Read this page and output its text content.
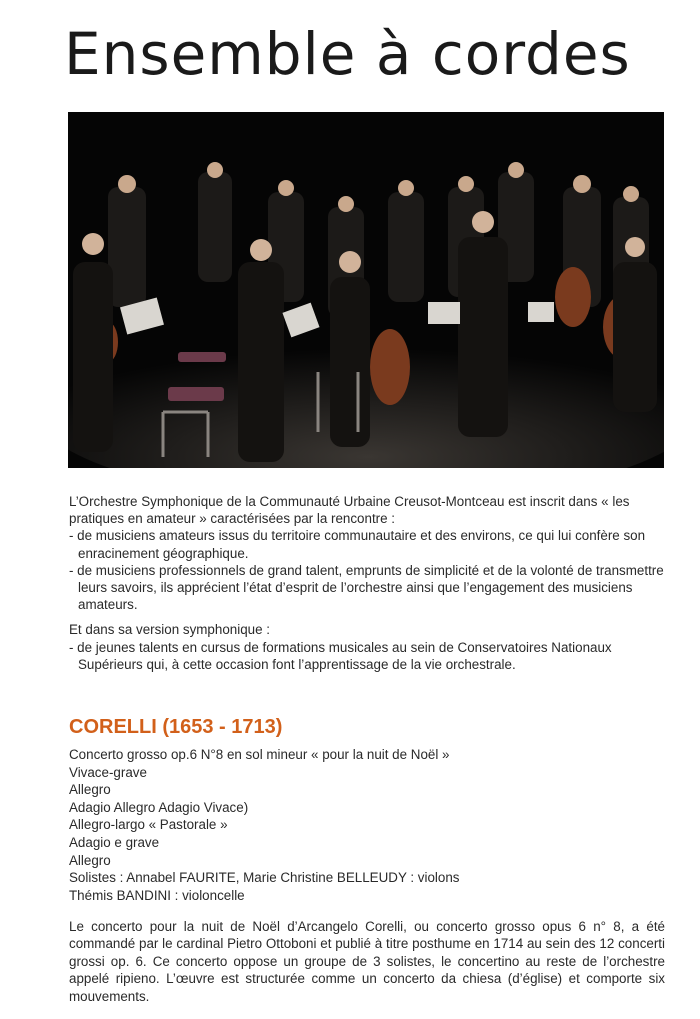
Ensemble à cordes

L’Orchestre Symphonique de la Communauté Urbaine Creusot-Montceau est inscrit dans « les pratiques en amateur » caractérisées par la rencontre :

- de musiciens amateurs issus du territoire communautaire et des environs, ce qui lui confère son enracinement géographique.

- de musiciens professionnels de grand talent, emprunts de simplicité et de la volonté de transmettre leurs savoirs, ils apprécient l’état d’esprit de l’orchestre ainsi que l’engagement des musiciens amateurs.

Et dans sa version symphonique :

- de jeunes talents en cursus de formations musicales au sein de Conservatoires Nationaux Supérieurs qui, à cette occasion font l’apprentissage de la vie orchestrale.

CORELLI (1653 - 1713)
Concerto grosso op.6 N°8 en sol mineur « pour la nuit de Noël »
Vivace-grave
Allegro
Adagio Allegro Adagio Vivace)
Allegro-largo « Pastorale »
Adagio e grave
Allegro
Solistes : Annabel FAURITE, Marie Christine BELLEUDY : violons
Thémis BANDINI : violoncelle

Le concerto pour la nuit de Noël d’Arcangelo Corelli, ou concerto grosso opus 6 n° 8, a été commandé par le cardinal Pietro Ottoboni et publié à titre posthume en 1714 au sein des 12 concerti grossi op. 6. Ce concerto oppose un groupe de 3 solistes, le concertino au reste de l’orchestre appelé ripieno. L’œuvre est structurée comme un concerto da chiesa (d’église) et comporte six mouvements.
